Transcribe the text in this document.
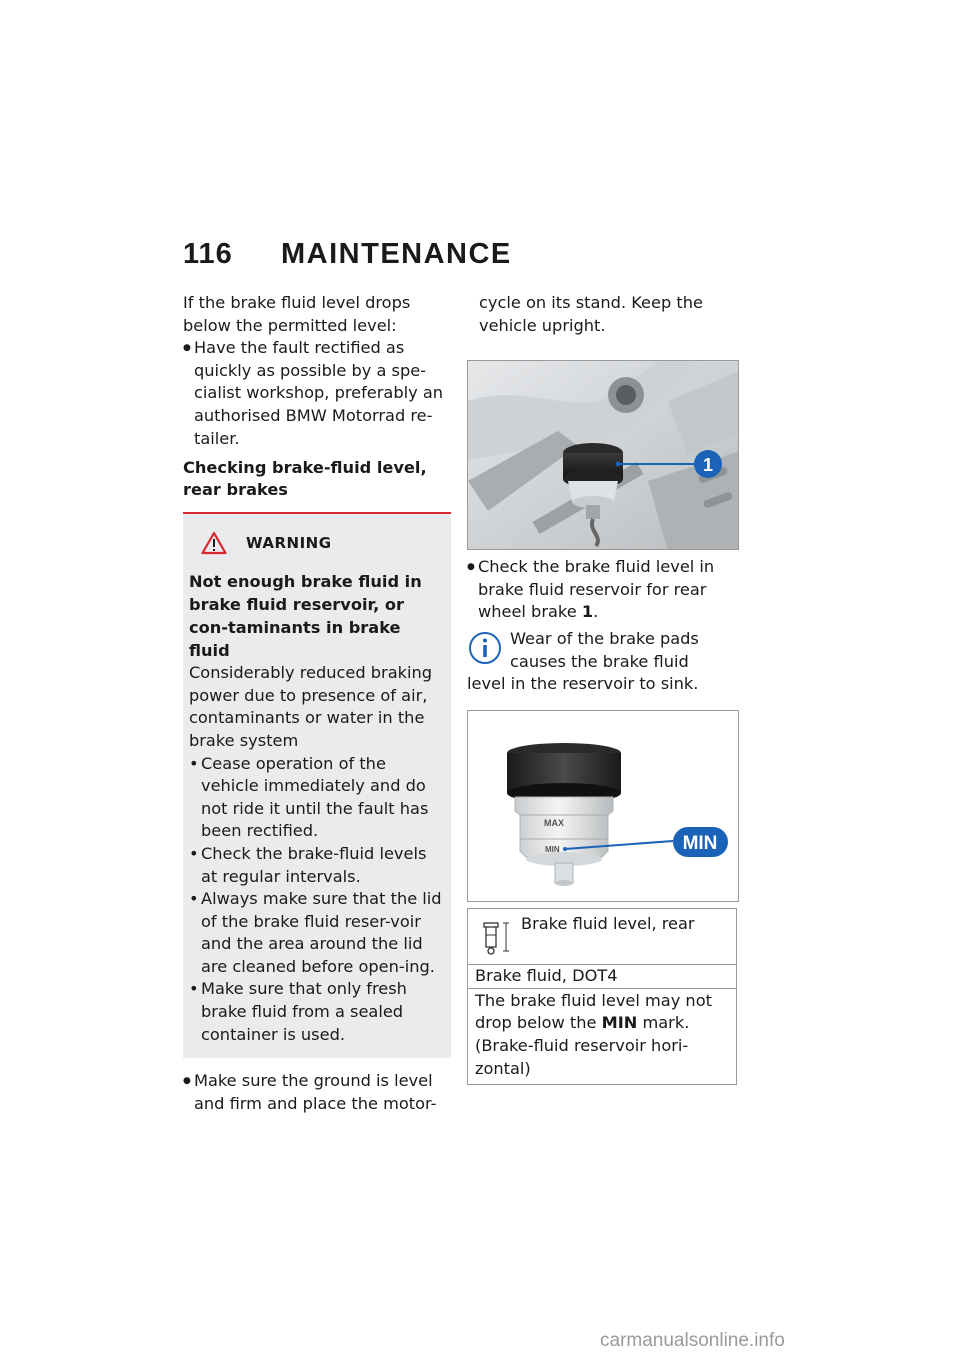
116	MAINTENANCE

If the brake fluid level drops below the permitted level:

● Have the fault rectified as quickly as possible by a spe-cialist workshop, preferably an authorised BMW Motorrad re-tailer.
Checking brake-fluid level,
rear brakes
WARNING
Not enough brake fluid in brake fluid reservoir, or con-taminants in brake fluid
Considerably reduced braking power due to presence of air, contaminants or water in the brake system
• Cease operation of the vehicle immediately and do not ride it until the fault has been rectified.
• Check the brake-fluid levels at regular intervals.
• Always make sure that the lid of the brake fluid reser-voir and the area around the lid are cleaned before open-ing.
• Make sure that only fresh brake fluid from a sealed container is used.
● Make sure the ground is level and firm and place the motor-

cycle on its stand. Keep the vehicle upright.

1
● Check the brake fluid level in brake fluid reservoir for rear wheel brake 1.

Wear of the brake pads

causes the brake fluid

level in the reservoir to sink.

MAX
MIN	MIN
Brake fluid level, rear
Brake fluid, DOT4
The brake fluid level may not drop below the MIN mark.
(Brake-fluid reservoir hori-zontal)
carmanualsonline.info
